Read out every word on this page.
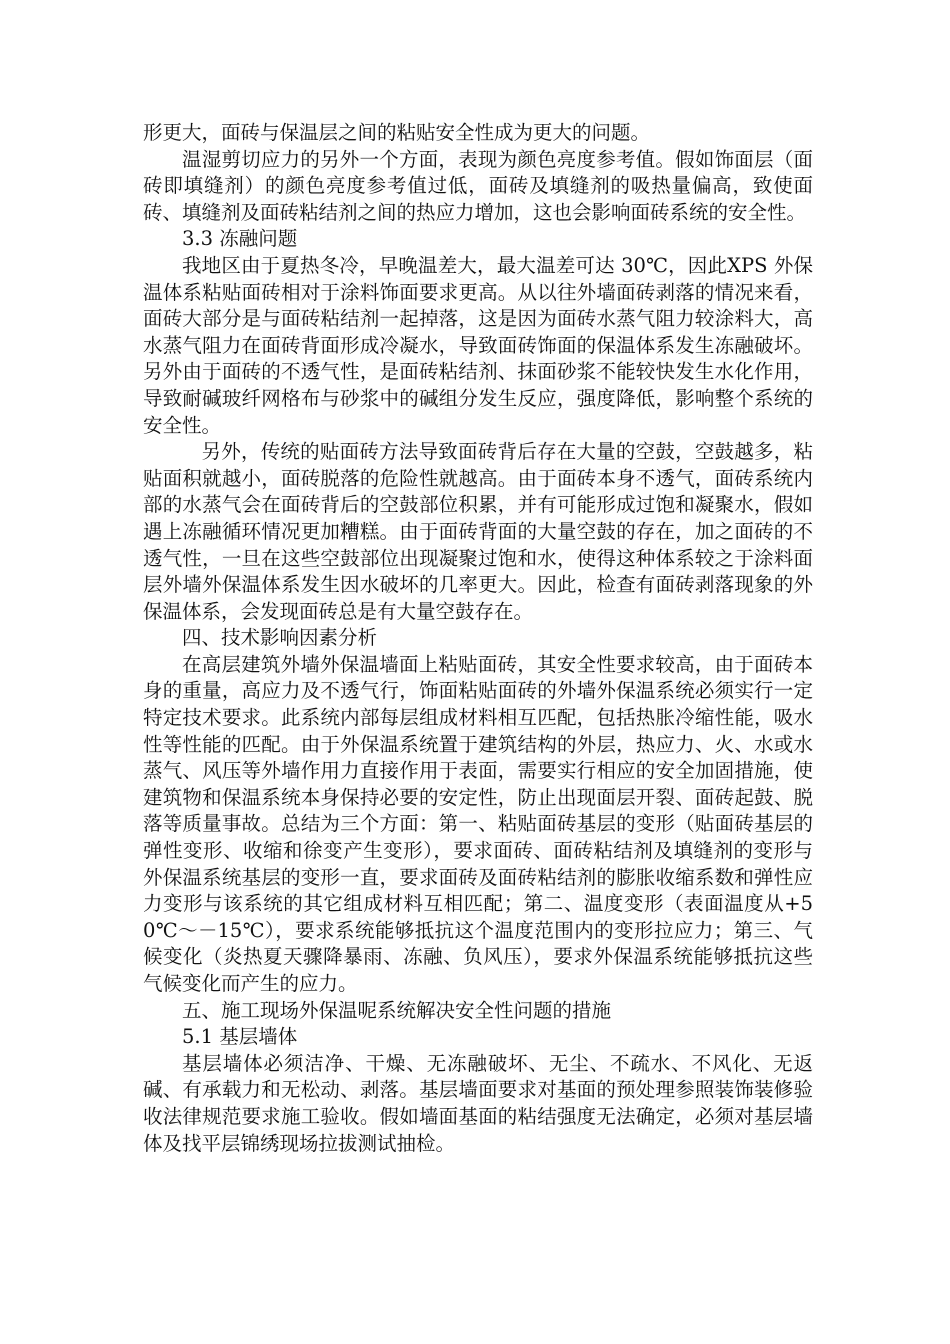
形更大，面砖与保温层之间的粘贴安全性成为更大的问题。

温湿剪切应力的另外一个方面，表现为颜色亮度参考值。假如饰面层（面砖即填缝剂）的颜色亮度参考值过低，面砖及填缝剂的吸热量偏高，致使面砖、填缝剂及面砖粘结剂之间的热应力增加，这也会影响面砖系统的安全性。

3.3 冻融问题

我地区由于夏热冬冷，早晚温差大，最大温差可达 30℃，因此XPS 外保温体系粘贴面砖相对于涂料饰面要求更高。从以往外墙面砖剥落的情况来看，面砖大部分是与面砖粘结剂一起掉落，这是因为面砖水蒸气阻力较涂料大，高水蒸气阻力在面砖背面形成冷凝水，导致面砖饰面的保温体系发生冻融破坏。另外由于面砖的不透气性，是面砖粘结剂、抹面砂浆不能较快发生水化作用，导致耐碱玻纤网格布与砂浆中的碱组分发生反应，强度降低，影响整个系统的安全性。

另外，传统的贴面砖方法导致面砖背后存在大量的空鼓，空鼓越多，粘贴面积就越小，面砖脱落的危险性就越高。由于面砖本身不透气，面砖系统内部的水蒸气会在面砖背后的空鼓部位积累，并有可能形成过饱和凝聚水，假如遇上冻融循环情况更加糟糕。由于面砖背面的大量空鼓的存在，加之面砖的不透气性，一旦在这些空鼓部位出现凝聚过饱和水，使得这种体系较之于涂料面层外墙外保温体系发生因水破坏的几率更大。因此，检查有面砖剥落现象的外保温体系，会发现面砖总是有大量空鼓存在。

四、技术影响因素分析

在高层建筑外墙外保温墙面上粘贴面砖，其安全性要求较高，由于面砖本身的重量，高应力及不透气行，饰面粘贴面砖的外墙外保温系统必须实行一定特定技术要求。此系统内部每层组成材料相互匹配，包括热胀冷缩性能，吸水性等性能的匹配。由于外保温系统置于建筑结构的外层，热应力、火、水或水蒸气、风压等外墙作用力直接作用于表面，需要实行相应的安全加固措施，使建筑物和保温系统本身保持必要的安定性，防止出现面层开裂、面砖起鼓、脱落等质量事故。总结为三个方面：第一、粘贴面砖基层的变形（贴面砖基层的弹性变形、收缩和徐变产生变形），要求面砖、面砖粘结剂及填缝剂的变形与外保温系统基层的变形一直，要求面砖及面砖粘结剂的膨胀收缩系数和弹性应力变形与该系统的其它组成材料互相匹配；第二、温度变形（表面温度从+50℃～－15℃），要求系统能够抵抗这个温度范围内的变形拉应力；第三、气候变化（炎热夏天骤降暴雨、冻融、负风压），要求外保温系统能够抵抗这些气候变化而产生的应力。

五、施工现场外保温呢系统解决安全性问题的措施

5.1 基层墙体

基层墙体必须洁净、干燥、无冻融破坏、无尘、不疏水、不风化、无返碱、有承载力和无松动、剥落。基层墙面要求对基面的预处理参照装饰装修验收法律规范要求施工验收。假如墙面基面的粘结强度无法确定，必须对基层墙体及找平层锦绣现场拉拔测试抽检。
